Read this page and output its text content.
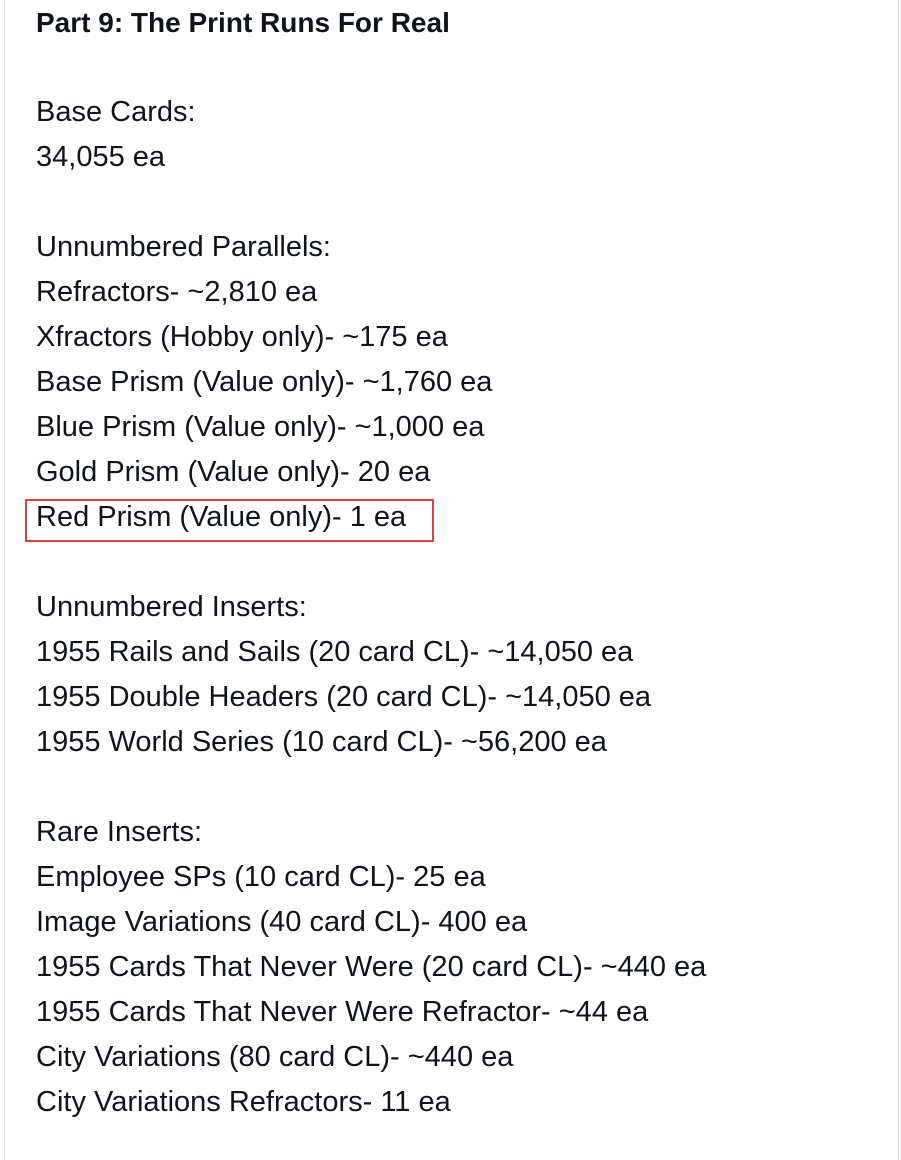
Part 9: The Print Runs For Real
Base Cards:
34,055 ea
Unnumbered Parallels:
Refractors- ~2,810 ea
Xfractors (Hobby only)- ~175 ea
Base Prism (Value only)- ~1,760 ea
Blue Prism (Value only)- ~1,000 ea
Gold Prism (Value only)- 20 ea
Red Prism (Value only)- 1 ea
Unnumbered Inserts:
1955 Rails and Sails (20 card CL)- ~14,050 ea
1955 Double Headers (20 card CL)- ~14,050 ea
1955 World Series (10 card CL)- ~56,200 ea
Rare Inserts:
Employee SPs (10 card CL)- 25 ea
Image Variations (40 card CL)- 400 ea
1955 Cards That Never Were (20 card CL)- ~440 ea
1955 Cards That Never Were Refractor- ~44 ea
City Variations (80 card CL)- ~440 ea
City Variations Refractors- 11 ea
